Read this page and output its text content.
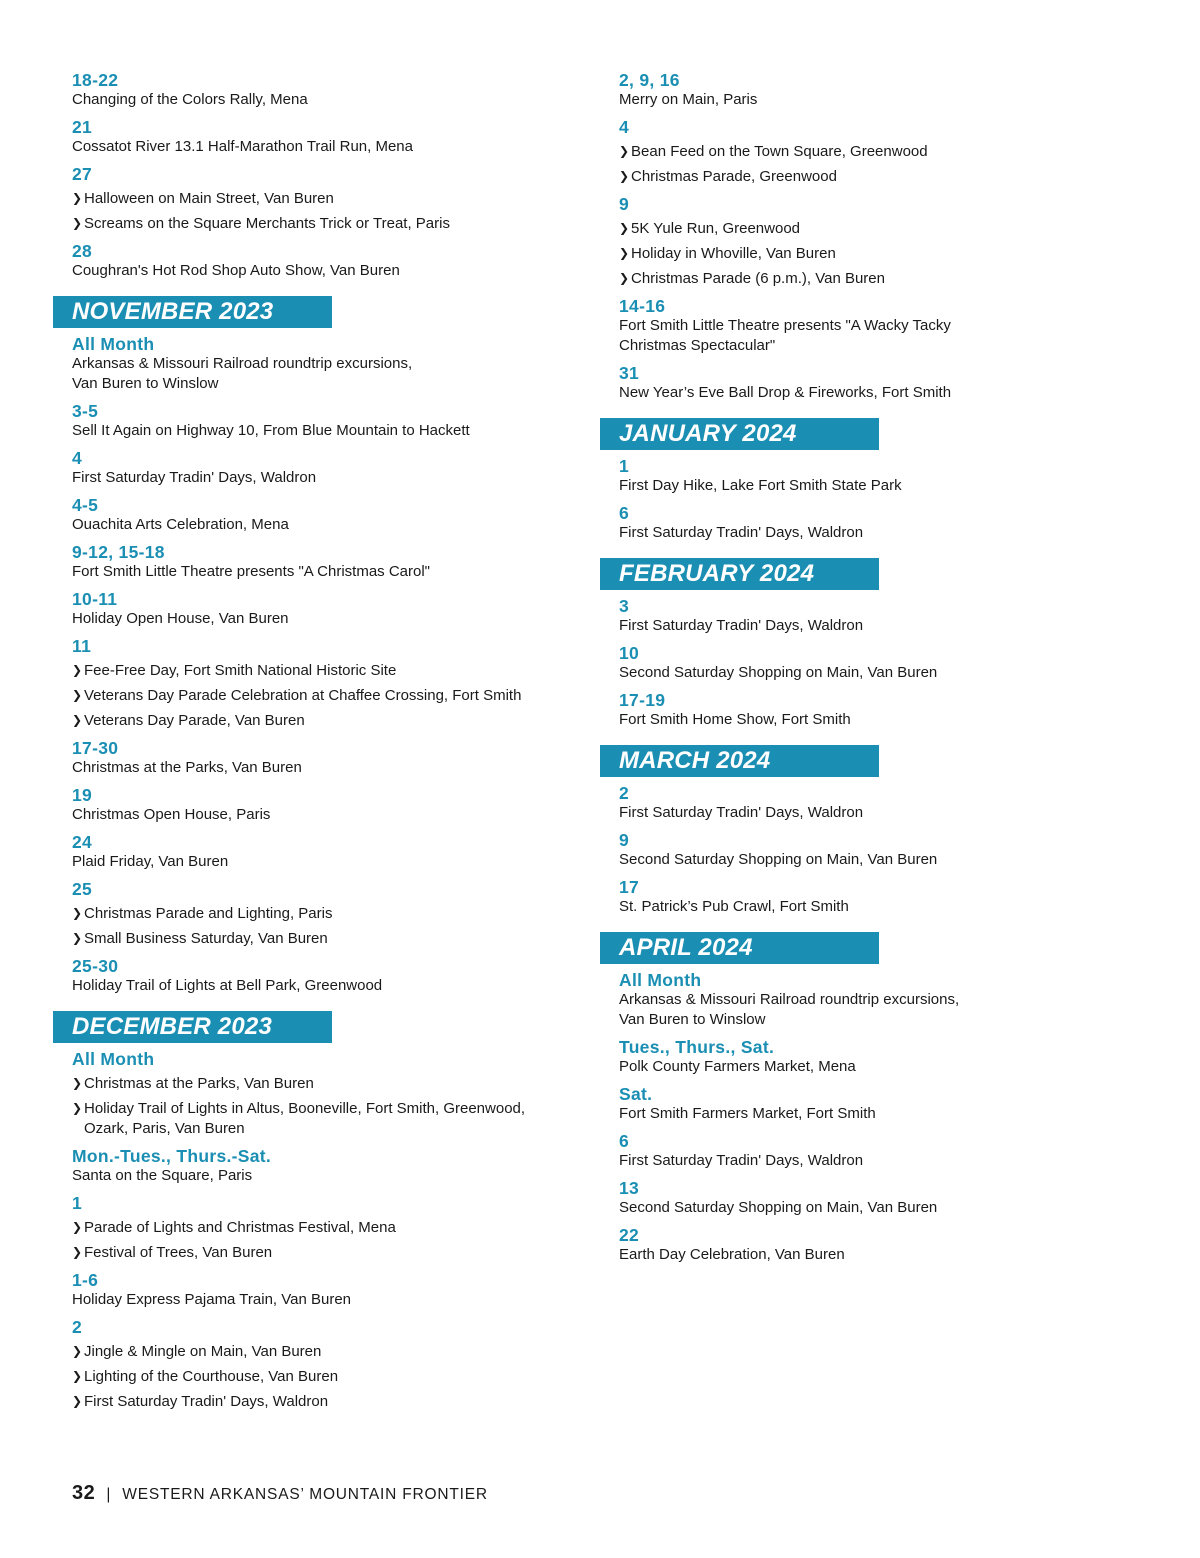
18-22
Changing of the Colors Rally, Mena
21
Cossatot River 13.1 Half-Marathon Trail Run, Mena
27
❯ Halloween on Main Street, Van Buren
❯ Screams on the Square Merchants Trick or Treat, Paris
28
Coughran's Hot Rod Shop Auto Show, Van Buren
NOVEMBER 2023
All Month
Arkansas & Missouri Railroad roundtrip excursions,
Van Buren to Winslow
3-5
Sell It Again on Highway 10, From Blue Mountain to Hackett
4
First Saturday Tradin' Days, Waldron
4-5
Ouachita Arts Celebration, Mena
9-12, 15-18
Fort Smith Little Theatre presents "A Christmas Carol"
10-11
Holiday Open House, Van Buren
11
❯ Fee-Free Day, Fort Smith National Historic Site
❯ Veterans Day Parade Celebration at Chaffee Crossing, Fort Smith
❯ Veterans Day Parade, Van Buren
17-30
Christmas at the Parks, Van Buren
19
Christmas Open House, Paris
24
Plaid Friday, Van Buren
25
❯ Christmas Parade and Lighting, Paris
❯ Small Business Saturday, Van Buren
25-30
Holiday Trail of Lights at Bell Park, Greenwood
DECEMBER 2023
All Month
❯ Christmas at the Parks, Van Buren
❯ Holiday Trail of Lights in Altus, Booneville, Fort Smith, Greenwood, Ozark, Paris, Van Buren
Mon.-Tues., Thurs.-Sat.
Santa on the Square, Paris
1
❯ Parade of Lights and Christmas Festival, Mena
❯ Festival of Trees, Van Buren
1-6
Holiday Express Pajama Train, Van Buren
2
❯ Jingle & Mingle on Main, Van Buren
❯ Lighting of the Courthouse, Van Buren
❯ First Saturday Tradin' Days, Waldron
2, 9, 16
Merry on Main, Paris
4
❯ Bean Feed on the Town Square, Greenwood
❯ Christmas Parade, Greenwood
9
❯ 5K Yule Run, Greenwood
❯ Holiday in Whoville, Van Buren
❯ Christmas Parade (6 p.m.), Van Buren
14-16
Fort Smith Little Theatre presents "A Wacky Tacky
Christmas Spectacular"
31
New Year’s Eve Ball Drop & Fireworks, Fort Smith
JANUARY 2024
1
First Day Hike, Lake Fort Smith State Park
6
First Saturday Tradin' Days, Waldron
FEBRUARY 2024
3
First Saturday Tradin' Days, Waldron
10
Second Saturday Shopping on Main, Van Buren
17-19
Fort Smith Home Show, Fort Smith
MARCH 2024
2
First Saturday Tradin' Days, Waldron
9
Second Saturday Shopping on Main, Van Buren
17
St. Patrick’s Pub Crawl, Fort Smith
APRIL 2024
All Month
Arkansas & Missouri Railroad roundtrip excursions,
Van Buren to Winslow
Tues., Thurs., Sat.
Polk County Farmers Market, Mena
Sat.
Fort Smith Farmers Market, Fort Smith
6
First Saturday Tradin' Days, Waldron
13
Second Saturday Shopping on Main, Van Buren
22
Earth Day Celebration, Van Buren
32 | WESTERN ARKANSAS’ MOUNTAIN FRONTIER
